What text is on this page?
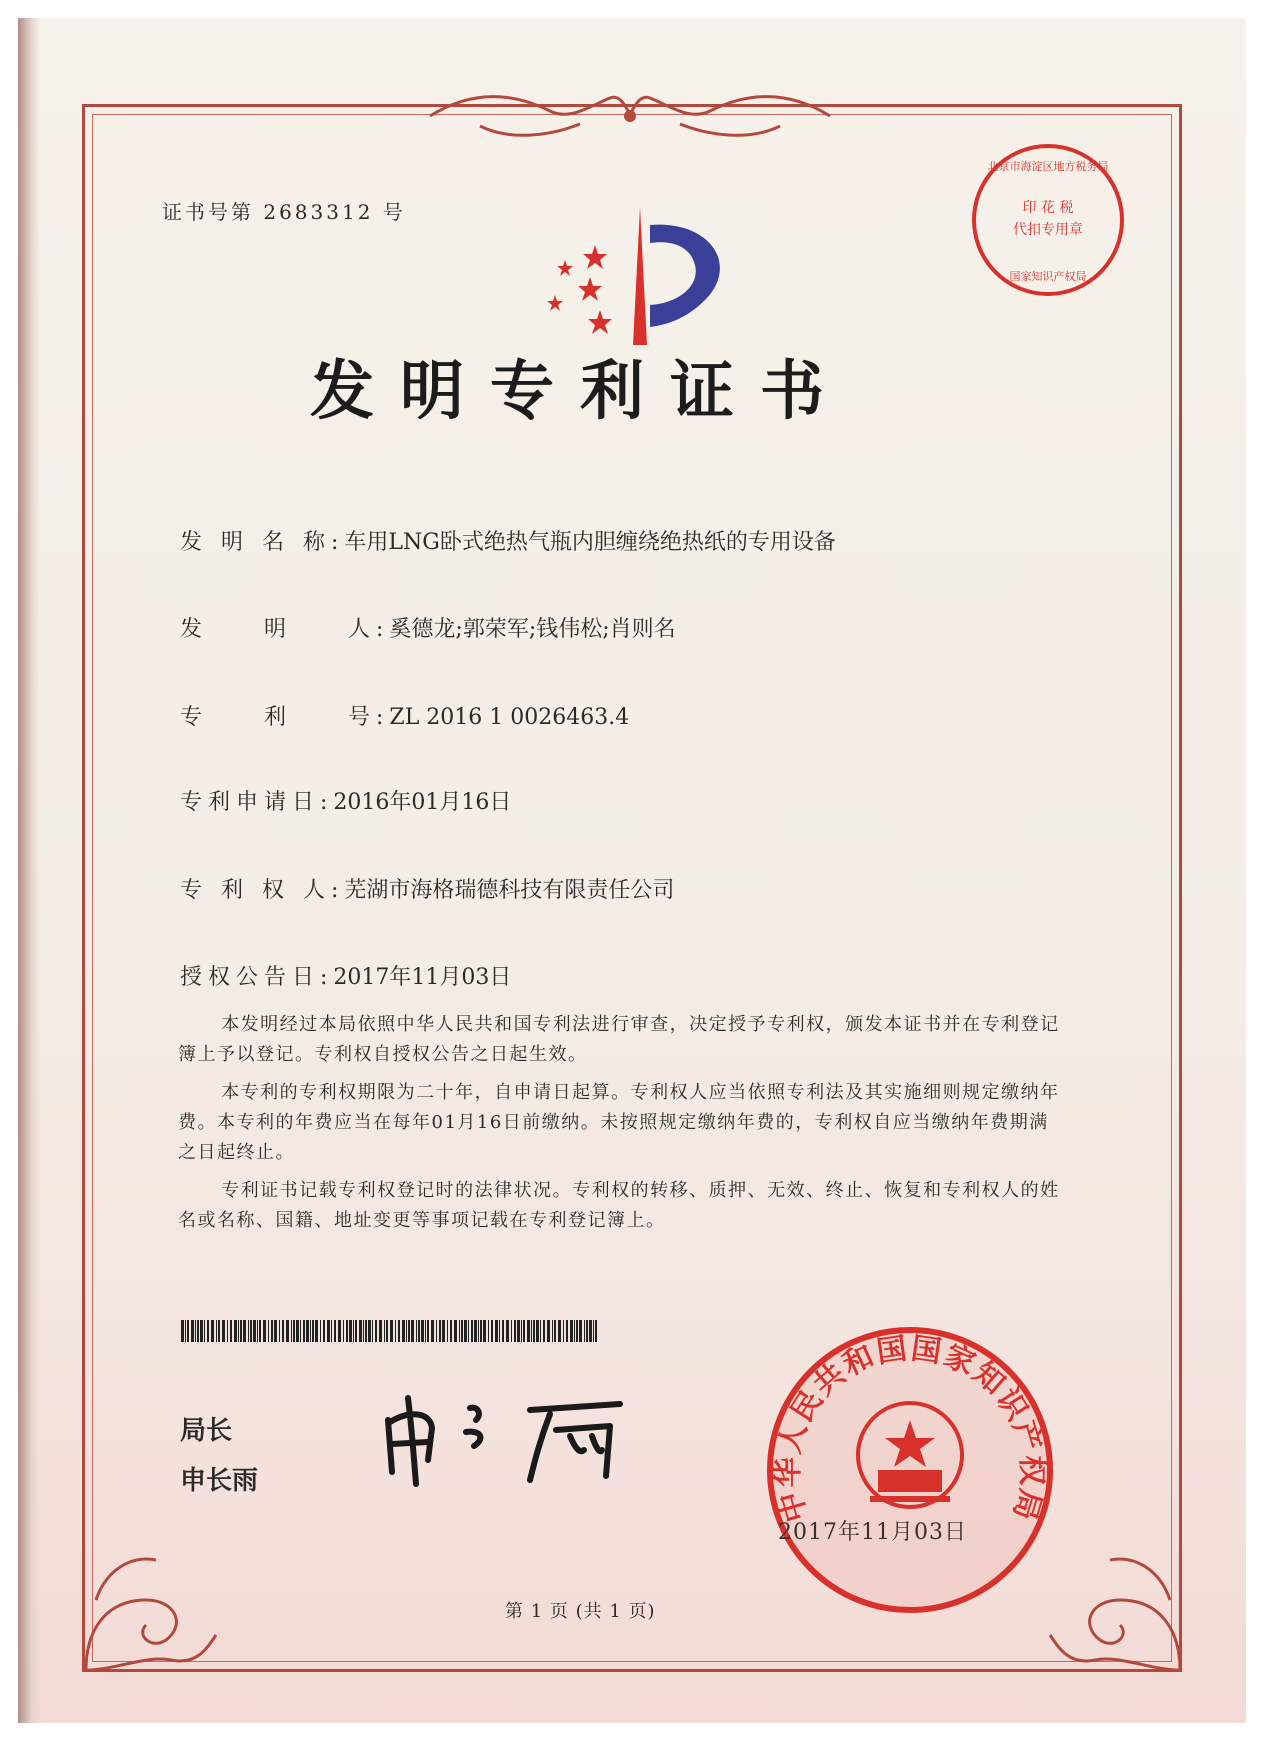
证书号第 2683312 号
发明专利证书
印 花 税
代扣专用章
北京市海淀区地方税务局
国家知识产权局
发 明 名 称:车用LNG卧式绝热气瓶内胆缠绕绝热纸的专用设备
发　　明　　人:奚德龙;郭荣军;钱伟松;肖则名
专　　利　　号:ZL 2016 1 0026463.4
专利申请日:2016年01月16日
专 利 权 人:芜湖市海格瑞德科技有限责任公司
授权公告日:2017年11月03日

本发明经过本局依照中华人民共和国专利法进行审查，决定授予专利权，颁发本证书并在专利登记簿上予以登记。专利权自授权公告之日起生效。

本专利的专利权期限为二十年，自申请日起算。专利权人应当依照专利法及其实施细则规定缴纳年费。本专利的年费应当在每年01月16日前缴纳。未按照规定缴纳年费的，专利权自应当缴纳年费期满之日起终止。

专利证书记载专利权登记时的法律状况。专利权的转移、质押、无效、终止、恢复和专利权人的姓名或名称、国籍、地址变更等事项记载在专利登记簿上。

局长
申长雨
中华人民共和国国家知识产权局
2017年11月03日
第 1 页 (共 1 页)
